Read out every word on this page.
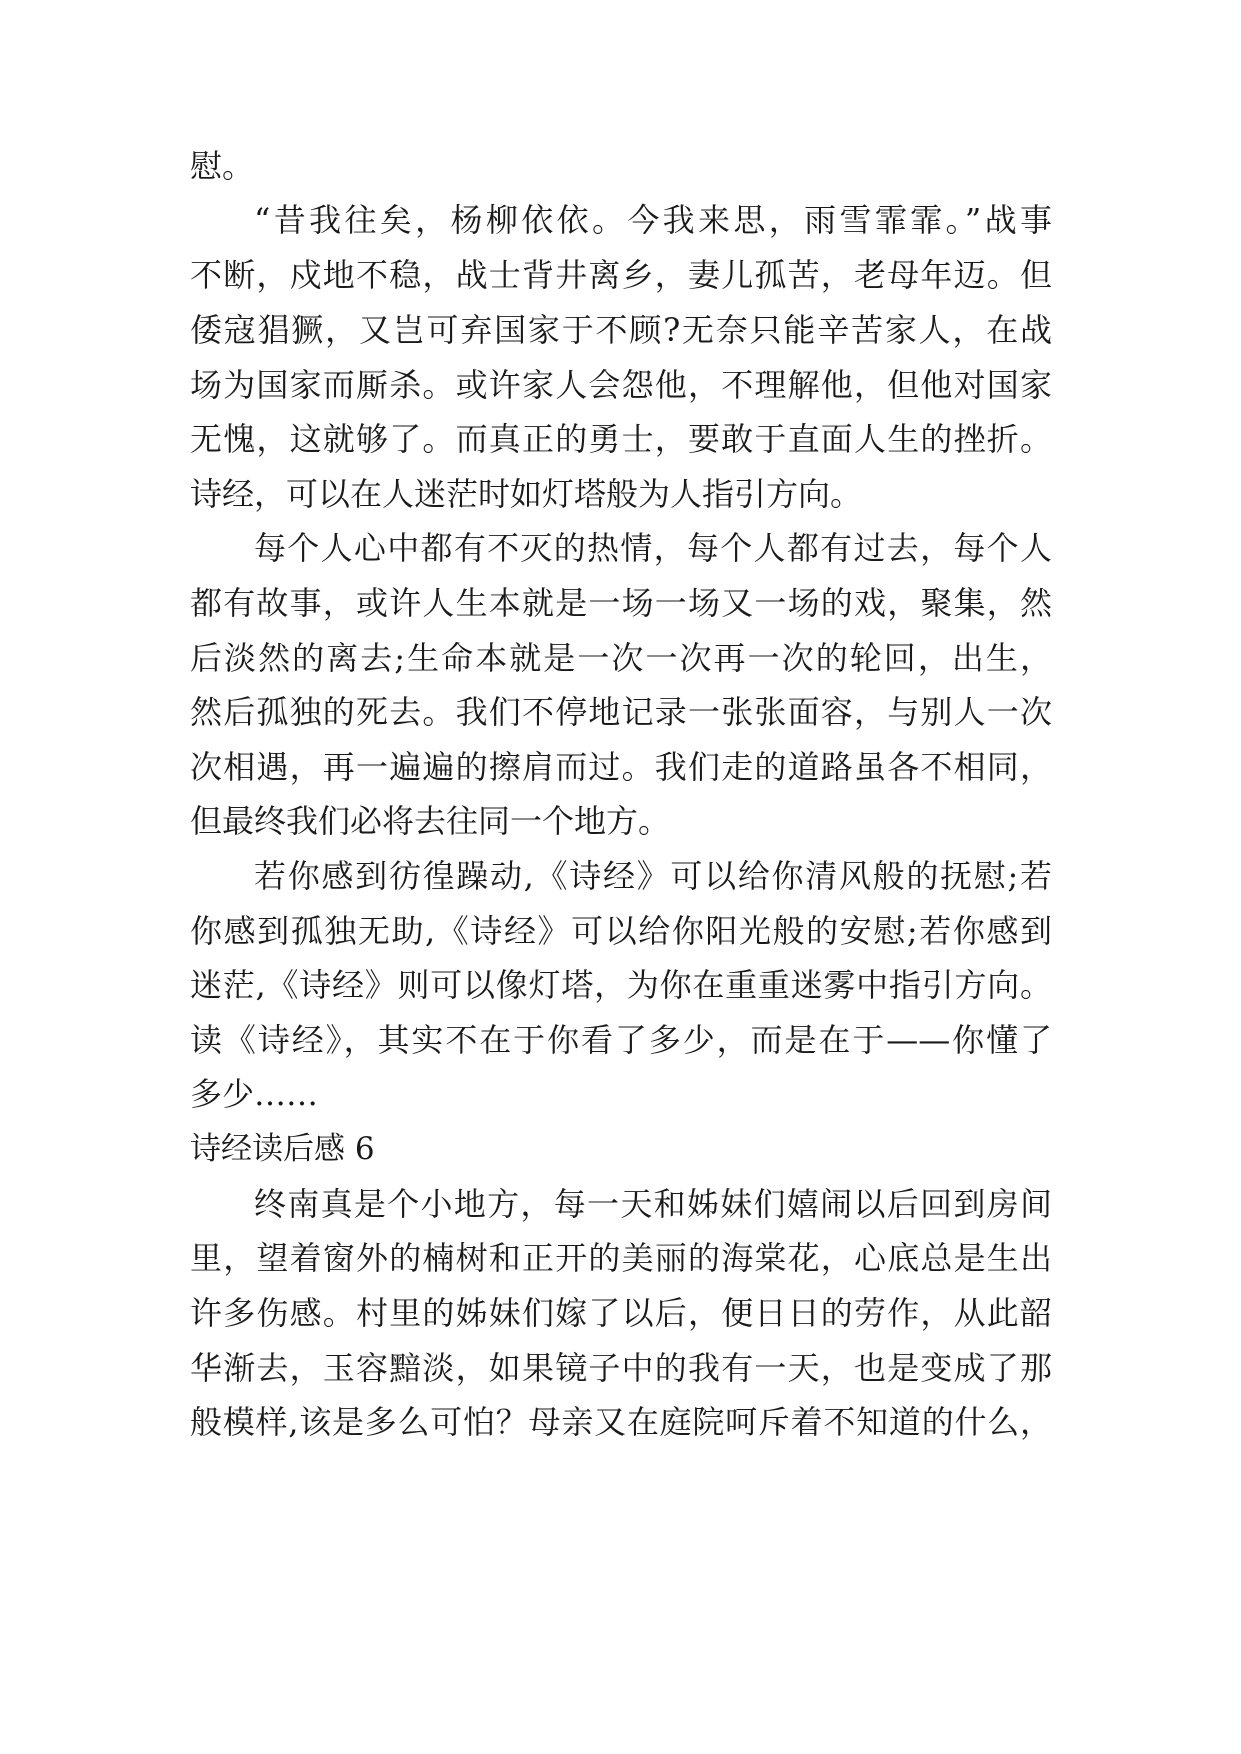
慰。
“昔我往矣，杨柳依依。今我来思，雨雪霏霏。”战事
不断，戍地不稳，战士背井离乡，妻儿孤苦，老母年迈。但
倭寇猖獗，又岂可弃国家于不顾?无奈只能辛苦家人，在战
场为国家而厮杀。或许家人会怨他，不理解他，但他对国家
无愧，这就够了。而真正的勇士，要敢于直面人生的挫折。
诗经，可以在人迷茫时如灯塔般为人指引方向。
每个人心中都有不灭的热情，每个人都有过去，每个人
都有故事，或许人生本就是一场一场又一场的戏，聚集，然
后淡然的离去;生命本就是一次一次再一次的轮回，出生，
然后孤独的死去。我们不停地记录一张张面容，与别人一次
次相遇，再一遍遍的擦肩而过。我们走的道路虽各不相同，
但最终我们必将去往同一个地方。
若你感到彷徨躁动,《诗经》可以给你清风般的抚慰;若
你感到孤独无助,《诗经》可以给你阳光般的安慰;若你感到
迷茫,《诗经》则可以像灯塔，为你在重重迷雾中指引方向。
读《诗经》，其实不在于你看了多少，而是在于——你懂了
多少……
诗经读后感 6
终南真是个小地方，每一天和姊妹们嬉闹以后回到房间
里，望着窗外的楠树和正开的美丽的海棠花，心底总是生出
许多伤感。村里的姊妹们嫁了以后，便日日的劳作，从此韶
华渐去，玉容黯淡，如果镜子中的我有一天，也是变成了那
般模样,该是多么可怕？母亲又在庭院呵斥着不知道的什么，
